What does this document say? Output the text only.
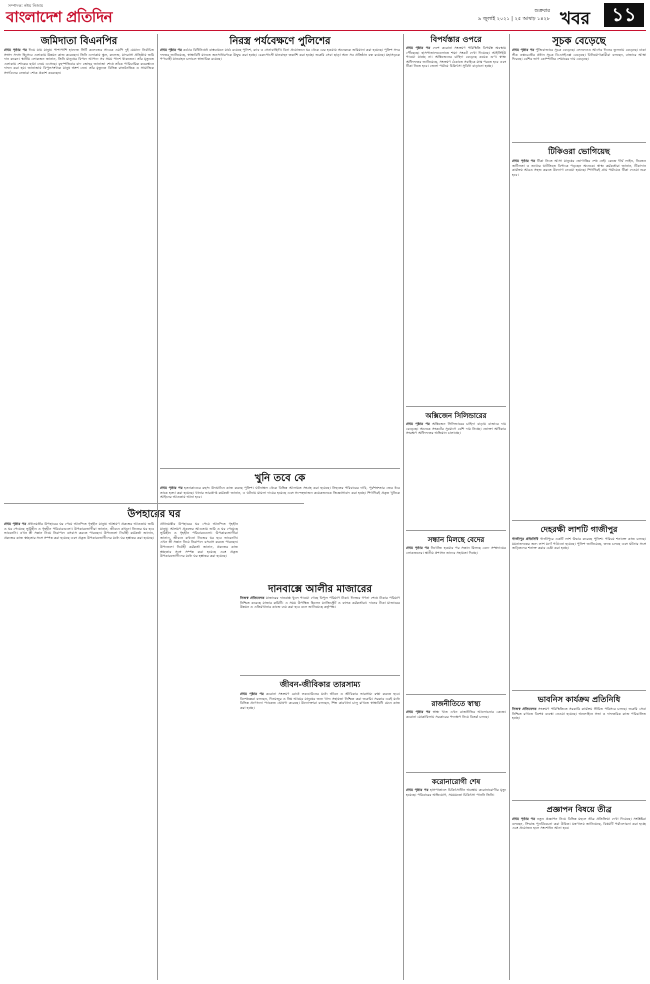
সম্পাদক: নঈম নিজাম
বাংলাদেশ প্রতিদিন	শুক্রবার
৯ জুলাই ২০২১ | ২৫ আষাঢ় ১৪২৮ খবর	১১
জমিদাতা বিএনপির
প্রথম পৃষ্ঠার পর দিয়ে যায় মানুষ। পাশাপাশি হাফেজ সিটি কলেজের সাবেক এমপি দুই মেয়াদে নির্বাচিত সংসদ সদস্য হিসেবে এলাকায় উন্নয়ন কাজ করেছেন। তিনি এলাকায় স্কুল, কলেজ, মাদরাসা প্রতিষ্ঠায় জমি দান করেন। স্থানীয় লোকজন জানান, তিনি মানুষের বিপদে আপদে সব সময় পাশে থাকতেন। তাঁর মৃত্যুতে এলাকায় শোকের ছায়া নেমে এসেছে। বৃহস্পতিবার বাদ জোহর জানাজা শেষে তাঁকে পারিবারিক কবরস্থানে দাফন করা হয়। জানাজায় বিপুলসংখ্যক মানুষ অংশ নেন। তাঁর মৃত্যুতে বিভিন্ন রাজনৈতিক ও সামাজিক সংগঠনের নেতারা শোক প্রকাশ করেছেন।
উপহারের ঘর
প্রথম পৃষ্ঠার পর প্রধানমন্ত্রীর উপহারের ঘর পেয়ে আনন্দিত গৃহহীন মানুষ। আশ্রয়ণ প্রকল্পের আওতায় জমি ও ঘর পেয়েছে ভূমিহীন ও গৃহহীন পরিবারগুলো। উপকারভোগীরা জানান, জীবনে কখনো নিজের ঘর হবে ভাবেননি। এখন স্ত্রী সন্তান নিয়ে নিরাপদে বসবাস করতে পারছেন। উপজেলা নির্বাহী কর্মকর্তা জানান, প্রকল্পের কাজ স্বচ্ছতার সঙ্গে সম্পন্ন করা হয়েছে এবং প্রকৃত উপকারভোগীদের মধ্যে ঘর হস্তান্তর করা হয়েছে।
নিরস্ত্র পর্যবেক্ষণে পুলিশের
প্রথম পৃষ্ঠার পর কঠোর বিধিনিষেধ বাস্তবায়নে মাঠে রয়েছে পুলিশ, র‌্যাব ও সেনাবাহিনী। বিনা প্রয়োজনে ঘর থেকে বের হওয়ায় অনেককে জরিমানা করা হয়েছে। পুলিশ সদর দফতর জানিয়েছে, স্বাস্থ্যবিধি মানতে জনসাধারণকে উদ্বুদ্ধ করা হচ্ছে। চেকপোস্টে যানবাহন তল্লাশি করা হচ্ছে। জরুরি সেবা ছাড়া অন্য সব প্রতিষ্ঠান বন্ধ রয়েছে। মহাসড়কে পণ্যবাহী যানবাহন চলাচল স্বাভাবিক রয়েছে।
খুনি তবে কে
প্রথম পৃষ্ঠার পর হত্যাকাণ্ডের রহস্য উদঘাটনে কাজ করছে পুলিশ। ঘটনাস্থল থেকে বিভিন্ন আলামত সংগ্রহ করা হয়েছে। নিহতের পরিবারের দাবি, পূর্বশত্রুতার জের ধরে তাকে হত্যা করা হয়েছে। থানার ভারপ্রাপ্ত কর্মকর্তা জানান, এ ঘটনায় মামলা দায়ের হয়েছে এবং সন্দেহভাজন কয়েকজনকে জিজ্ঞাসাবাদ করা হচ্ছে। শিগগিরই প্রকৃত খুনিকে আইনের আওতায় আনা হবে।
প্রধানমন্ত্রীর উপহারের ঘর পেয়ে আনন্দিত গৃহহীন মানুষ। আশ্রয়ণ প্রকল্পের আওতায় জমি ও ঘর পেয়েছে ভূমিহীন ও গৃহহীন পরিবারগুলো। উপকারভোগীরা জানান, জীবনে কখনো নিজের ঘর হবে ভাবেননি। এখন স্ত্রী সন্তান নিয়ে নিরাপদে বসবাস করতে পারছেন। উপজেলা নির্বাহী কর্মকর্তা জানান, প্রকল্পের কাজ স্বচ্ছতার সঙ্গে সম্পন্ন করা হয়েছে এবং প্রকৃত উপকারভোগীদের মধ্যে ঘর হস্তান্তর করা হয়েছে।
দানবাক্সে আলীর মাজারের
নিজস্ব প্রতিবেদক মাজারের দানবাক্স খুলে পাওয়া গেছে বিপুল পরিমাণ টাকা। দিনভর গণনা শেষে টাকার পরিমাণ নিশ্চিত করেছে মাজার কমিটি। এ সময় উপস্থিত ছিলেন ম্যাজিস্ট্রেট ও ব্যাংক কর্মকর্তারা। দানের টাকা মাজারের উন্নয়ন ও এতিমখানার কাজে ব্যয় করা হবে বলে জানিয়েছে কর্তৃপক্ষ।
জীবন-জীবিকার তারসাম্য
প্রথম পৃষ্ঠার পর করোনা সংক্রমণ রোধে লকডাউনের মধ্যে জীবন ও জীবিকার ভারসাম্য রক্ষা করতে হবে। বিশেষজ্ঞরা বলছেন, দিনমজুর ও নিম্ন আয়ের মানুষের জন্য খাদ্য সহায়তা নিশ্চিত করা জরুরি। সরকার এরই মধ্যে বিভিন্ন প্রণোদনা প্যাকেজ ঘোষণা করেছে। উদ্যোক্তারা বলছেন, শিল্প কারখানা চালু রাখতে স্বাস্থ্যবিধি মেনে কাজ করা হচ্ছে।
বিপর্যস্তার ওপরে
প্রথম পৃষ্ঠার পর দেশে করোনা সংক্রমণ পরিস্থিতি বিপর্যস্ত অবস্থায় পৌঁছেছে। হাসপাতালগুলোতে শয্যা সংকট দেখা দিয়েছে। আইসিইউ পাওয়া যাচ্ছে না। অক্সিজেনের চাহিদা বেড়েছে কয়েক গুণ। স্বাস্থ্য অধিদফতর জানিয়েছে, সংক্রমণ ঠেকাতে সবাইকে মাস্ক পরতে হবে এবং টিকা নিতে হবে। জেলা পর্যায়ে চিকিৎসা সুবিধা বাড়ানো হচ্ছে।
অক্সিজেন সিলিন্ডারের
প্রথম পৃষ্ঠার পর অক্সিজেন সিলিন্ডারের চাহিদা বাড়ায় বাজারে দাম বেড়েছে। অনেকে সংকটের সুযোগে বেশি দাম নিচ্ছে। ভোক্তা অধিকার সংরক্ষণ অধিদফতর অভিযান চালাচ্ছে।
সন্ধান মিলছে বেদের
প্রথম পৃষ্ঠার পর নিখোঁজ হওয়ার পর সন্ধান মিলছে বেদে সম্প্রদায়ের লোকজনের। স্থানীয় প্রশাসন তাদের সহায়তা দিচ্ছে।
রাজনীতিতে স্বাস্থ্য
প্রথম পৃষ্ঠার পর স্বাস্থ্য খাত এখন রাজনীতির আলোচনার কেন্দ্রে। করোনা মোকাবিলায় সরকারের পদক্ষেপ নিয়ে বিতর্ক চলছে।
করোনারোগী শেষ
প্রথম পৃষ্ঠার পর হাসপাতালে চিকিৎসাধীন অবস্থায় করোনারোগীর মৃত্যু হয়েছে। পরিবারের অভিযোগ, সময়মতো চিকিৎসা পাননি তিনি।
সূচক বেড়েছে
প্রথম পৃষ্ঠার পর পুঁজিবাজারে সূচক বেড়েছে। লেনদেনও আগের দিনের তুলনায় বেড়েছে। ঢাকা স্টক এক্সচেঞ্জের প্রধান সূচক ডিএসইএক্স বেড়েছে। বিনিয়োগকারীরা বলছেন, বাজারে আস্থা ফিরছে। বেশির ভাগ কোম্পানির শেয়ারের দাম বেড়েছে।
টিকিওরা ভোগিয়েছ
প্রথম পৃষ্ঠার পর টিকা নিতে আসা মানুষের ভোগান্তির শেষ নেই। কেন্দ্রে দীর্ঘ লাইন, নিবন্ধন জটিলতা ও তথ্যের ঘাটতিতে বিপাকে পড়ছেন অনেকে। স্বাস্থ্য কর্মকর্তারা জানান, টিকাদান কার্যক্রম আরও সহজ করতে উদ্যোগ নেওয়া হয়েছে। শিগগিরই গ্রাম পর্যায়েও টিকা দেওয়া শুরু হবে।
দেহরক্ষী লাশটি গাজীপুর
গাজীপুর প্রতিনিধি গাজীপুরে একটি লাশ উদ্ধার করেছে পুলিশ। পরিচয় শনাক্তে কাজ চলছে। ময়নাতদন্তের জন্য লাশ মর্গে পাঠানো হয়েছে। পুলিশ জানিয়েছে, তদন্ত চলছে এবং ঘটনার সঙ্গে জড়িতদের শনাক্ত করার চেষ্টা করা হচ্ছে।
ভাবনিস কার্যক্রম প্রতিনিধি
নিজস্ব প্রতিবেদক সংক্রমণ পরিস্থিতিতে সরকারি কার্যক্রম সীমিত পরিসরে চলছে। জরুরি সেবা নিশ্চিত রাখতে বিশেষ ব্যবস্থা নেওয়া হয়েছে। অনলাইনে সভা ও দাফতরিক কাজ পরিচালিত হচ্ছে।
প্রজ্ঞাপন বিষয়ে তীব্র
প্রথম পৃষ্ঠার পর নতুন প্রজ্ঞাপন নিয়ে বিভিন্ন মহলে তীব্র প্রতিক্রিয়া দেখা দিয়েছে। সংশ্লিষ্টরা বলছেন, সিদ্ধান্ত পুনর্বিবেচনা করা উচিত। মন্ত্রণালয় জানিয়েছে, বিষয়টি পর্যালোচনা করা হচ্ছে এবং প্রয়োজন হলে সংশোধন আনা হবে।
